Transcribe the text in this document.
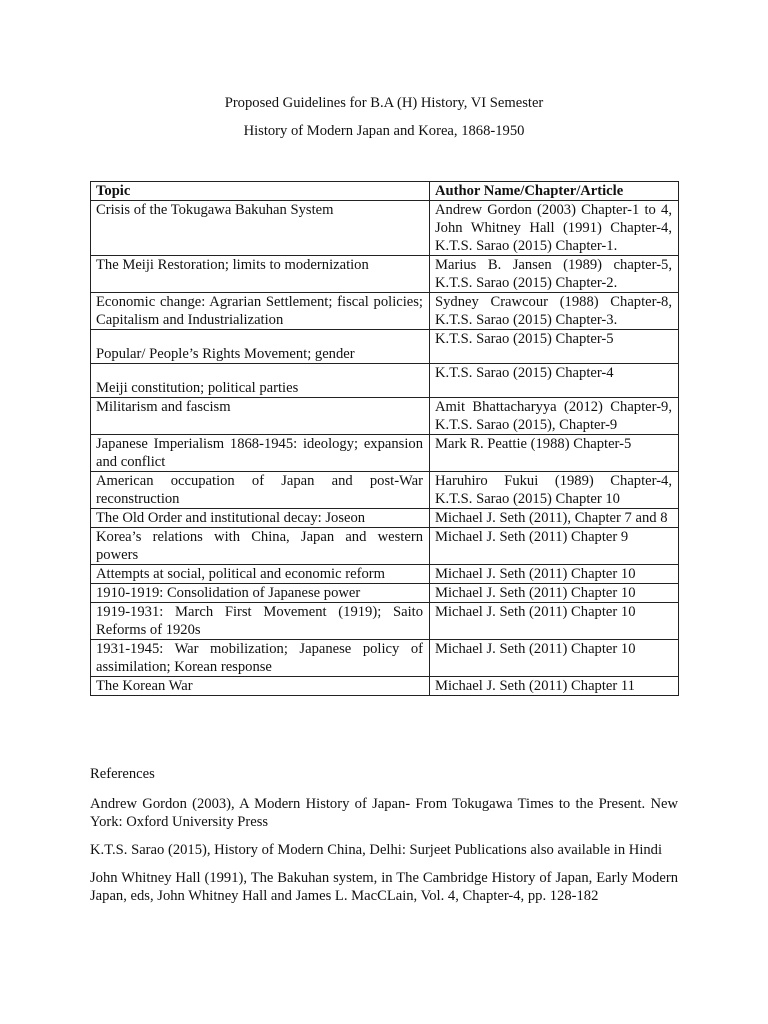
Proposed Guidelines for B.A (H) History, VI Semester
History of Modern Japan and Korea, 1868-1950
Topic	Author Name/Chapter/Article
Crisis of the Tokugawa Bakuhan System	Andrew Gordon (2003) Chapter-1 to 4, John Whitney Hall (1991) Chapter-4, K.T.S. Sarao (2015) Chapter-1.
The Meiji Restoration; limits to modernization	Marius B. Jansen (1989) chapter-5, K.T.S. Sarao (2015) Chapter-2.
Economic change: Agrarian Settlement; fiscal policies; Capitalism and Industrialization	Sydney Crawcour (1988) Chapter-8, K.T.S. Sarao (2015) Chapter-3.
Popular/ People’s Rights Movement; gender	K.T.S. Sarao (2015) Chapter-5
Meiji constitution; political parties	K.T.S. Sarao (2015) Chapter-4
Militarism and fascism	Amit Bhattacharyya (2012) Chapter-9, K.T.S. Sarao (2015), Chapter-9
Japanese Imperialism 1868-1945: ideology; expansion and conflict	Mark R. Peattie (1988) Chapter-5
American occupation of Japan and post-War reconstruction	Haruhiro Fukui (1989) Chapter-4, K.T.S. Sarao (2015) Chapter 10
The Old Order and institutional decay: Joseon	Michael J. Seth (2011), Chapter 7 and 8
Korea’s relations with China, Japan and western powers	Michael J. Seth (2011) Chapter 9
Attempts at social, political and economic reform	Michael J. Seth (2011) Chapter 10
1910-1919: Consolidation of Japanese power	Michael J. Seth (2011) Chapter 10
1919-1931: March First Movement (1919); Saito Reforms of 1920s	Michael J. Seth (2011) Chapter 10
1931-1945: War mobilization; Japanese policy of assimilation; Korean response	Michael J. Seth (2011) Chapter 10
The Korean War	Michael J. Seth (2011) Chapter 11

References

Andrew Gordon (2003), A Modern History of Japan- From Tokugawa Times to the Present. New York: Oxford University Press

K.T.S. Sarao (2015), History of Modern China, Delhi: Surjeet Publications also available in Hindi

John Whitney Hall (1991), The Bakuhan system, in The Cambridge History of Japan, Early Modern Japan, eds, John Whitney Hall and James L. MacCLain, Vol. 4, Chapter-4, pp. 128-182
